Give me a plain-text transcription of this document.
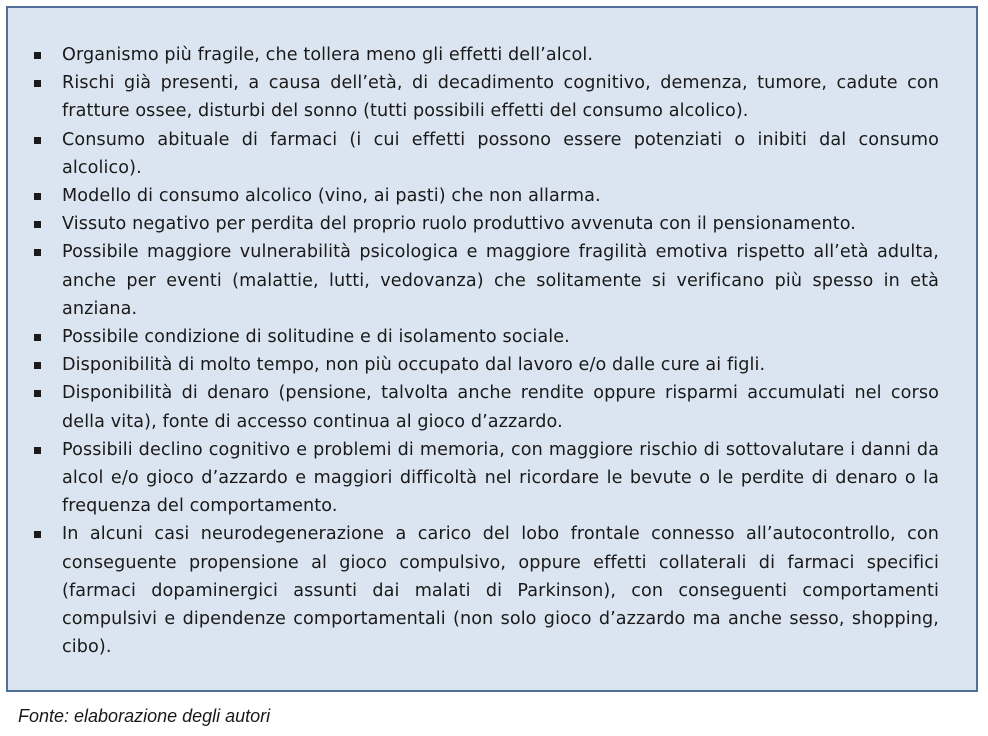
Organismo più fragile, che tollera meno gli effetti dell’alcol.
Rischi già presenti, a causa dell’età, di decadimento cognitivo, demenza, tumore, cadute con fratture ossee, disturbi del sonno (tutti possibili effetti del consumo alcolico).
Consumo abituale di farmaci (i cui effetti possono essere potenziati o inibiti dal consumo alcolico).
Modello di consumo alcolico (vino, ai pasti) che non allarma.
Vissuto negativo per perdita del proprio ruolo produttivo avvenuta con il pensionamento.
Possibile maggiore vulnerabilità psicologica e maggiore fragilità emotiva rispetto all’età adulta, anche per eventi (malattie, lutti, vedovanza) che solitamente si verificano più spesso in età anziana.
Possibile condizione di solitudine e di isolamento sociale.
Disponibilità di molto tempo, non più occupato dal lavoro e/o dalle cure ai figli.
Disponibilità di denaro (pensione, talvolta anche rendite oppure risparmi accumulati nel corso della vita), fonte di accesso continua al gioco d’azzardo.
Possibili declino cognitivo e problemi di memoria, con maggiore rischio di sottovalutare i danni da alcol e/o gioco d’azzardo e maggiori difficoltà nel ricordare le bevute o le perdite di denaro o la frequenza del comportamento.
In alcuni casi neurodegenerazione a carico del lobo frontale connesso all’autocontrollo, con conseguente propensione al gioco compulsivo, oppure effetti collaterali di farmaci specifici (farmaci dopaminergici assunti dai malati di Parkinson), con conseguenti comportamenti compulsivi e dipendenze comportamentali (non solo gioco d’azzardo ma anche sesso, shopping, cibo).
Fonte: elaborazione degli autori
